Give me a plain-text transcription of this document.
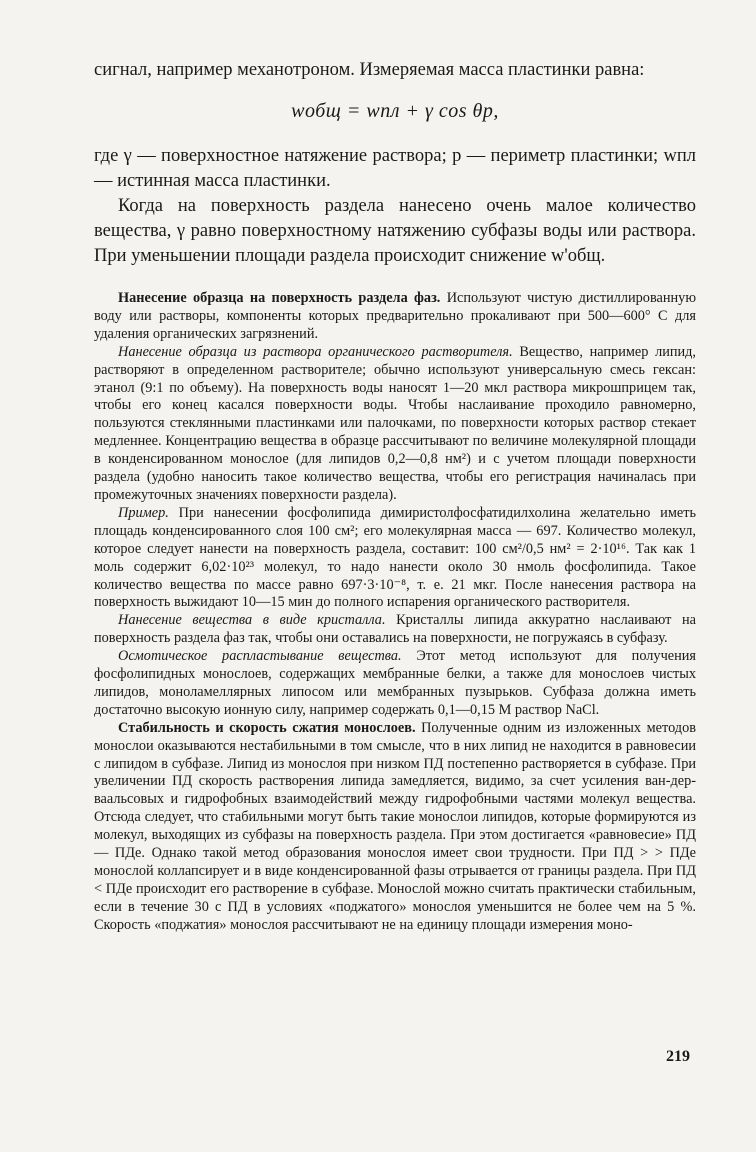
сигнал, например механотроном. Измеряемая масса пластинки равна:

wобщ = wпл + γ cos θp,

где γ — поверхностное натяжение раствора; p — периметр пластинки; wпл — истинная масса пластинки.

Когда на поверхность раздела нанесено очень малое количество вещества, γ равно поверхностному натяжению субфазы воды или раствора. При уменьшении площади раздела происходит снижение w'общ.

Нанесение образца на поверхность раздела фаз. Используют чистую дистиллированную воду или растворы, компоненты которых предварительно прокаливают при 500—600° С для удаления органических загрязнений.

Нанесение образца из раствора органического растворителя. Вещество, например липид, растворяют в определенном растворителе; обычно используют универсальную смесь гексан: этанол (9:1 по объему). На поверхность воды наносят 1—20 мкл раствора микрошприцем так, чтобы его конец касался поверхности воды. Чтобы наслаивание проходило равномерно, пользуются стеклянными пластинками или палочками, по поверхности которых раствор стекает медленнее. Концентрацию вещества в образце рассчитывают по величине молекулярной площади в конденсированном монослое (для липидов 0,2—0,8 нм²) и с учетом площади поверхности раздела (удобно наносить такое количество вещества, чтобы его регистрация начиналась при промежуточных значениях поверхности раздела).

Пример. При нанесении фосфолипида димиристолфосфатидилхолина желательно иметь площадь конденсированного слоя 100 см²; его молекулярная масса — 697. Количество молекул, которое следует нанести на поверхность раздела, составит: 100 см²/0,5 нм² = 2·10¹⁶. Так как 1 моль содержит 6,02·10²³ молекул, то надо нанести около 30 нмоль фосфолипида. Такое количество вещества по массе равно 697·3·10⁻⁸, т. е. 21 мкг. После нанесения раствора на поверхность выжидают 10—15 мин до полного испарения органического растворителя.

Нанесение вещества в виде кристалла. Кристаллы липида аккуратно наслаивают на поверхность раздела фаз так, чтобы они оставались на поверхности, не погружаясь в субфазу.

Осмотическое распластывание вещества. Этот метод используют для получения фосфолипидных монослоев, содержащих мембранные белки, а также для монослоев чистых липидов, моноламеллярных липосом или мембранных пузырьков. Субфаза должна иметь достаточно высокую ионную силу, например содержать 0,1—0,15 М раствор NaCl.

Стабильность и скорость сжатия монослоев. Полученные одним из изложенных методов монослои оказываются нестабильными в том смысле, что в них липид не находится в равновесии с липидом в субфазе. Липид из монослоя при низком ПД постепенно растворяется в субфазе. При увеличении ПД скорость растворения липида замедляется, видимо, за счет усиления ван-дер-ваальсовых и гидрофобных взаимодействий между гидрофобными частями молекул вещества. Отсюда следует, что стабильными могут быть такие монослои липидов, которые формируются из молекул, выходящих из субфазы на поверхность раздела. При этом достигается «равновесие» ПД — ПДe. Однако такой метод образования монослоя имеет свои трудности. При ПД > > ПДe монослой коллапсирует и в виде конденсированной фазы отрывается от границы раздела. При ПД < ПДe происходит его растворение в субфазе. Монослой можно считать практически стабильным, если в течение 30 с ПД в условиях «поджатого» монослоя уменьшится не более чем на 5 %. Скорость «поджатия» монослоя рассчитывают не на единицу площади измерения моно-

219
